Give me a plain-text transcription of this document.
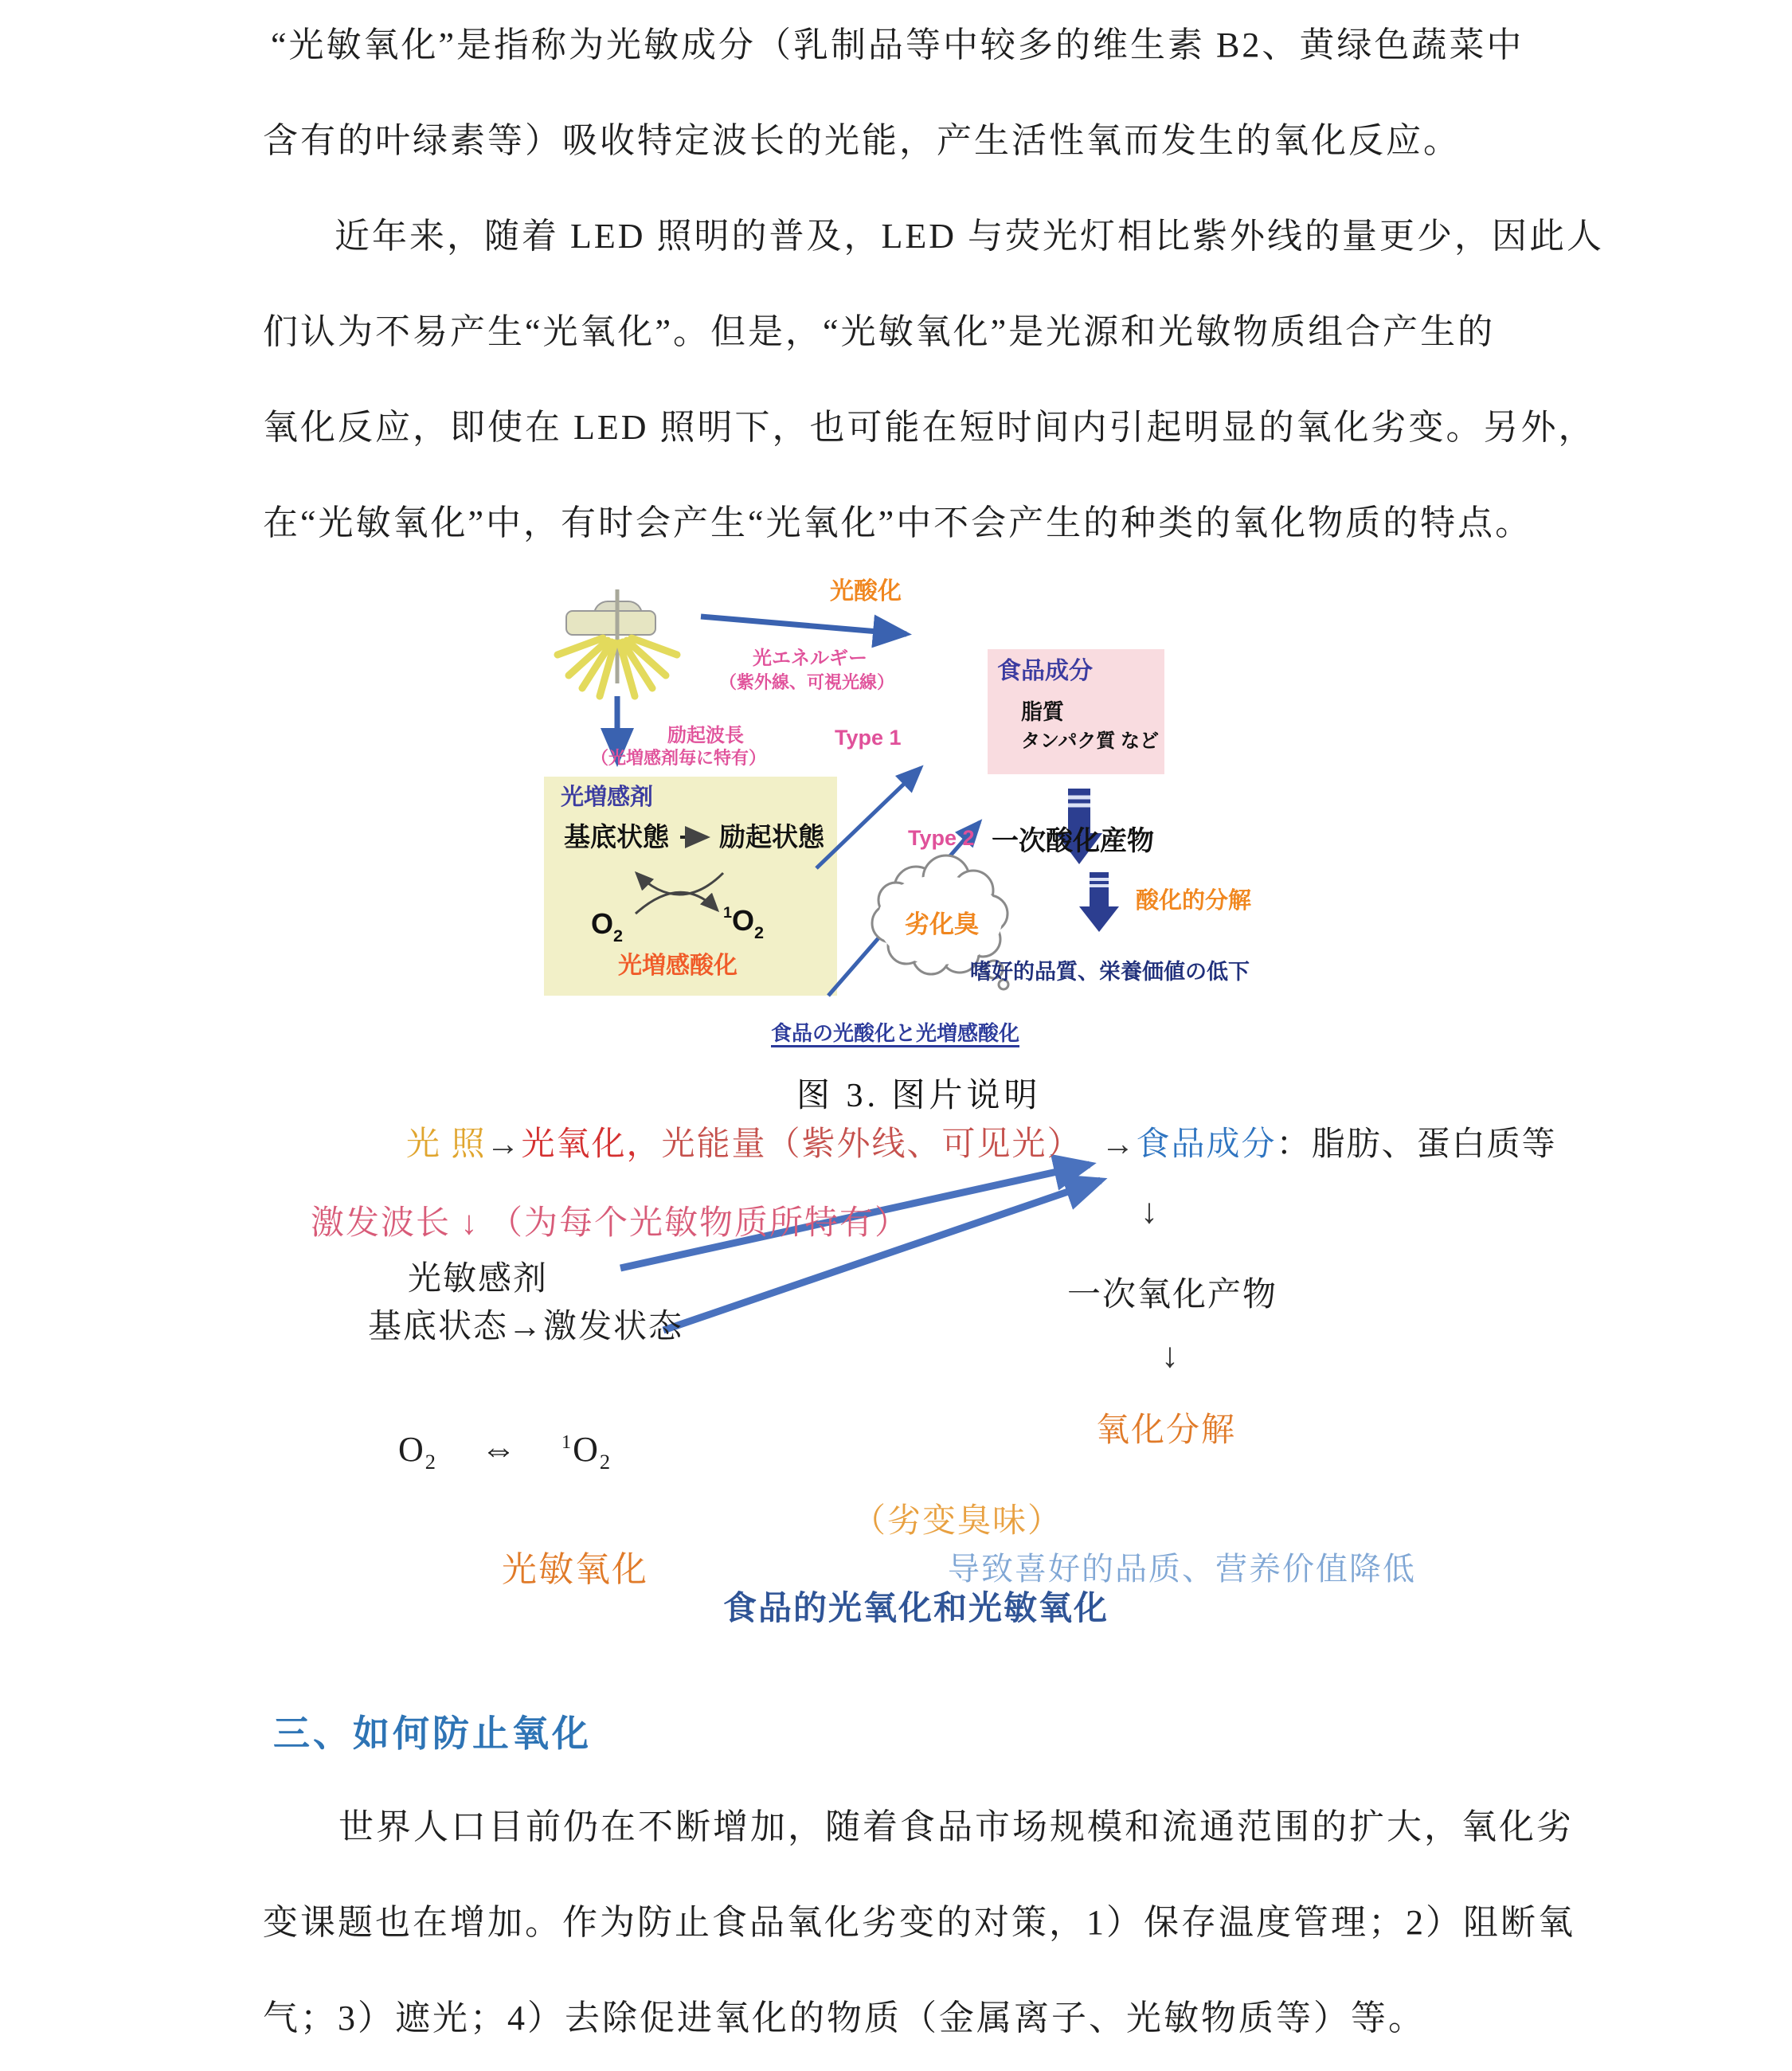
“光敏氧化”是指称为光敏成分（乳制品等中较多的维生素 B2、黄绿色蔬菜中
含有的叶绿素等）吸收特定波长的光能，产生活性氧而发生的氧化反应。
近年来，随着 LED 照明的普及，LED 与荧光灯相比紫外线的量更少，因此人
们认为不易产生“光氧化”。但是，“光敏氧化”是光源和光敏物质组合产生的
氧化反应，即使在 LED 照明下，也可能在短时间内引起明显的氧化劣变。另外，
在“光敏氧化”中，有时会产生“光氧化”中不会产生的种类的氧化物质的特点。
光酸化
光エネルギー
（紫外線、可視光線）
励起波長
（光増感剤毎に特有）
Type 1
Type 2
光増感剤
基底状態 励起状態
$O_2$
$^1O_2$
光増感酸化
食品成分
脂質
タンパク質 など
一次酸化産物
酸化的分解
劣化臭
嗜好的品質、栄養価値の低下
食品の光酸化と光増感酸化
图 3. 图片说明
光 照→光氧化，光能量（紫外线、可见光） →食品成分：脂肪、蛋白质等
激发波长 ↓ （为每个光敏物质所特有）	↓
光敏感剂	一次氧化产物
基底状态→激发状态
↓
氧化分解
$O_2$ ⇔ $^1O_2$
（劣变臭味）
光敏氧化	导致喜好的品质、营养价值降低
食品的光氧化和光敏氧化
三、如何防止氧化
世界人口目前仍在不断增加，随着食品市场规模和流通范围的扩大，氧化劣
变课题也在增加。作为防止食品氧化劣变的对策，1）保存温度管理；2）阻断氧
气；3）遮光；4）去除促进氧化的物质（金属离子、光敏物质等）等。
